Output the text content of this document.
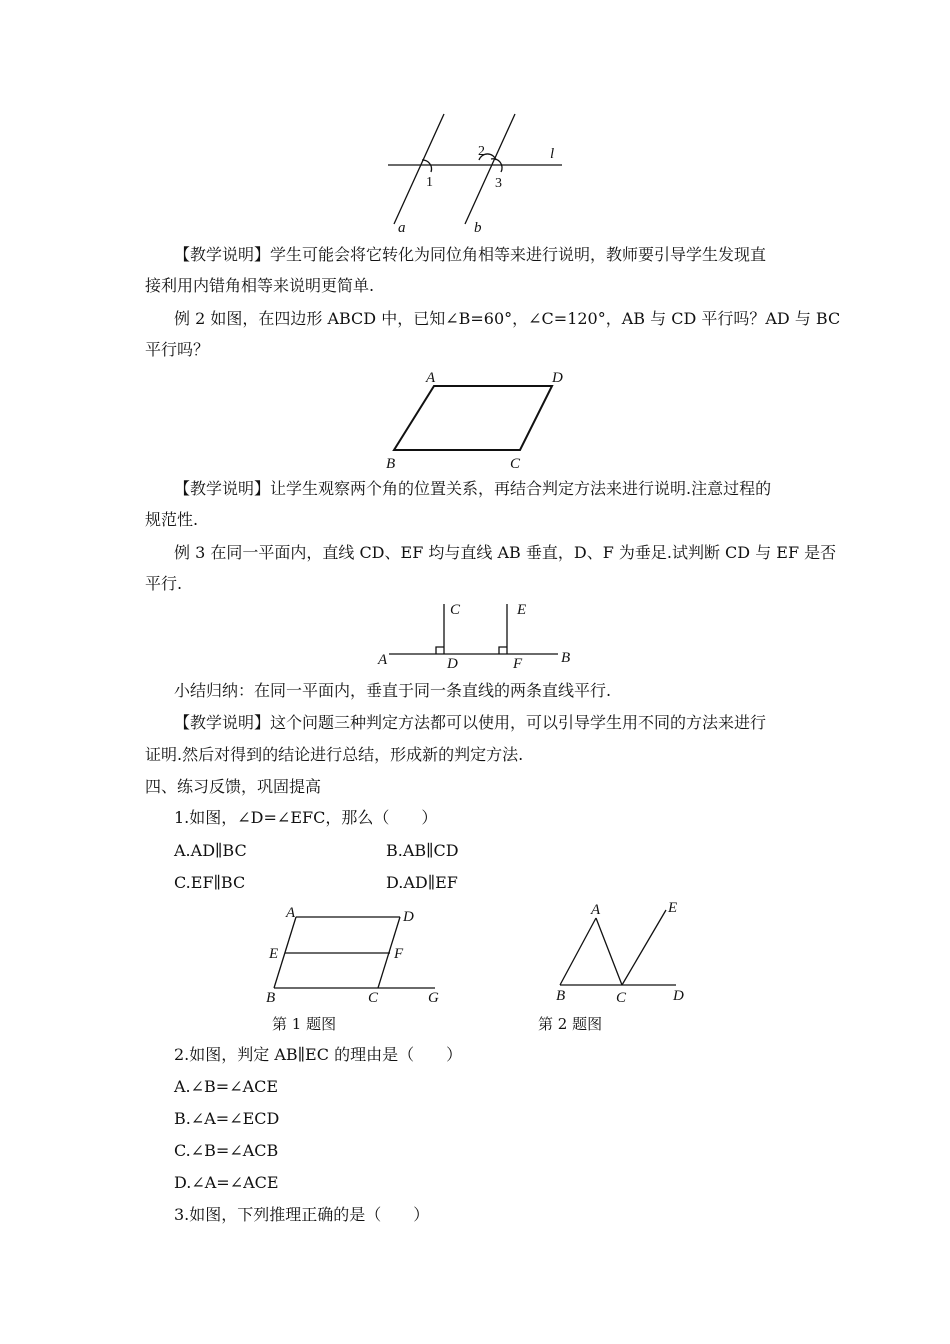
1
2
3
l
a	b

【教学说明】学生可能会将它转化为同位角相等来进行说明，教师要引导学生发现直

接利用内错角相等来说明更简单.

例 2 如图，在四边形 ABCD 中，已知∠B=60°，∠C=120°，AB 与 CD 平行吗？AD 与 BC

平行吗？

A	D
B	C

【教学说明】让学生观察两个角的位置关系，再结合判定方法来进行说明.注意过程的

规范性.

例 3 在同一平面内，直线 CD、EF 均与直线 AB 垂直，D、F 为垂足.试判断 CD 与 EF 是否

平行.

C	E
A	D	F	B

小结归纳：在同一平面内，垂直于同一条直线的两条直线平行.

【教学说明】这个问题三种判定方法都可以使用，可以引导学生用不同的方法来进行

证明.然后对得到的结论进行总结，形成新的判定方法.

四、练习反馈，巩固提高

1.如图，∠D=∠EFC，那么（　　）

A.AD∥BC	B.AB∥CD

C.EF∥BC	D.AD∥EF

A	D
E	F
B	C	G
A	E
B	C	D
第 1 题图	第 2 题图

2.如图，判定 AB∥EC 的理由是（　　）

A.∠B=∠ACE

B.∠A=∠ECD

C.∠B=∠ACB

D.∠A=∠ACE

3.如图，下列推理正确的是（　　）
